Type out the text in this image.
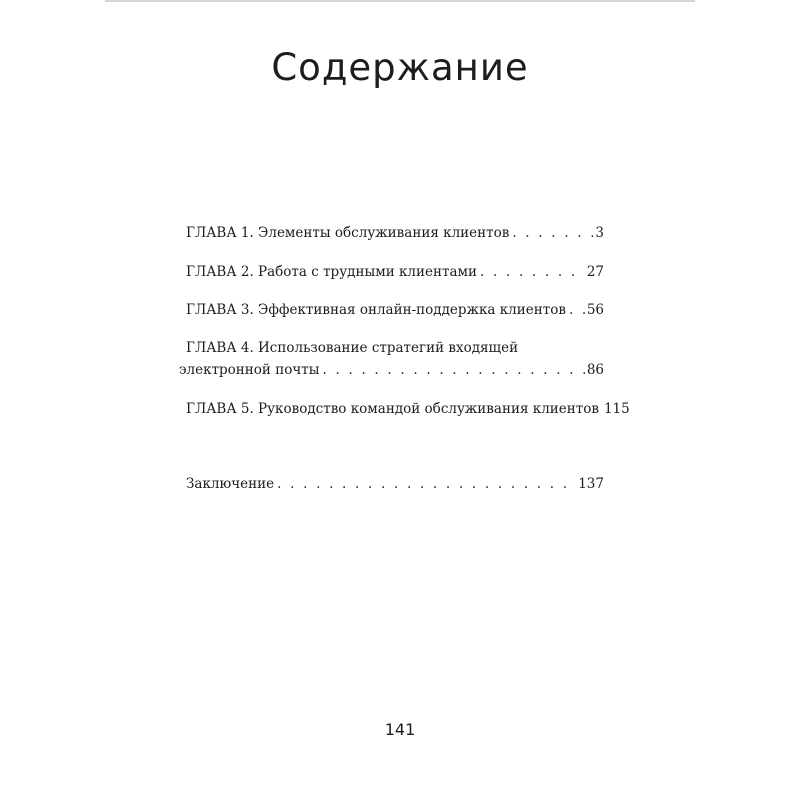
Содержание
ГЛАВА 1. Элементы обслуживания клиентов . . .	3
ГЛАВА 2. Работа с трудными клиентами . . .	27
ГЛАВА 3. Эффективная онлайн-поддержка клиентов . . . 56
ГЛАВА 4. Использование стратегий входящей
электронной почты . . .	86
ГЛАВА 5. Руководство командой обслуживания клиентов 115
Заключение . . .	137
141
